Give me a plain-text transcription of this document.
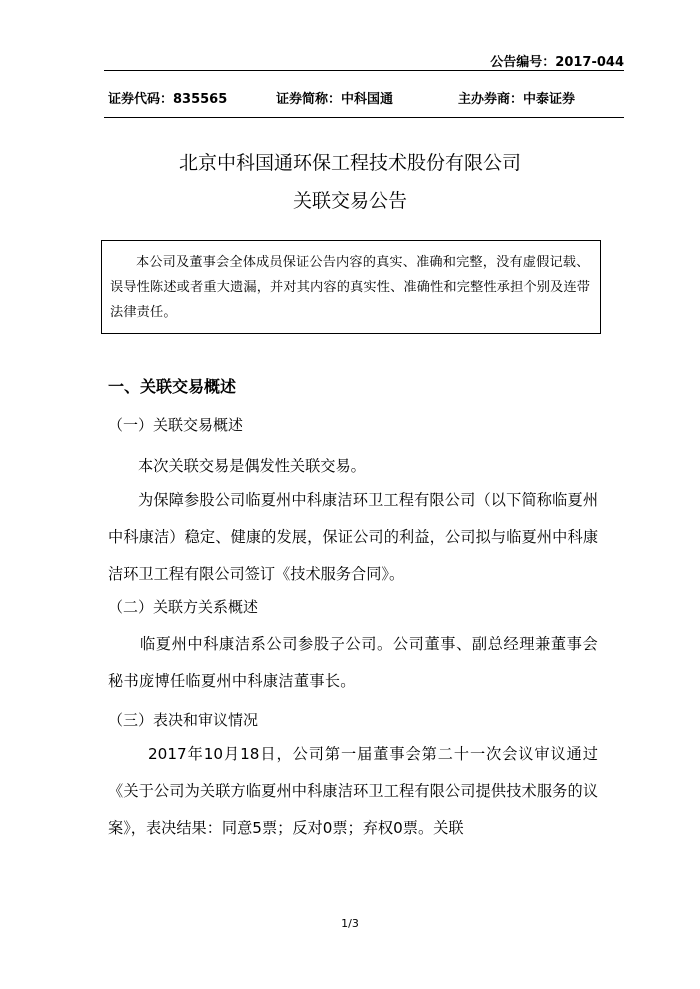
公告编号：2017-044
证券代码：835565	证券简称：中科国通	主办券商：中泰证券
北京中科国通环保工程技术股份有限公司
关联交易公告
本公司及董事会全体成员保证公告内容的真实、准确和完整，没有虚假记载、误导性陈述或者重大遗漏，并对其内容的真实性、准确性和完整性承担个别及连带法律责任。
一、关联交易概述
（一）关联交易概述
本次关联交易是偶发性关联交易。
为保障参股公司临夏州中科康洁环卫工程有限公司（以下简称临夏州中科康洁）稳定、健康的发展，保证公司的利益，公司拟与临夏州中科康洁环卫工程有限公司签订《技术服务合同》。
（二）关联方关系概述
临夏州中科康洁系公司参股子公司。公司董事、副总经理兼董事会秘书庞博任临夏州中科康洁董事长。
（三）表决和审议情况
2017年10月18日，公司第一届董事会第二十一次会议审议通过《关于公司为关联方临夏州中科康洁环卫工程有限公司提供技术服务的议案》，表决结果：同意5票；反对0票；弃权0票。关联
1/3
